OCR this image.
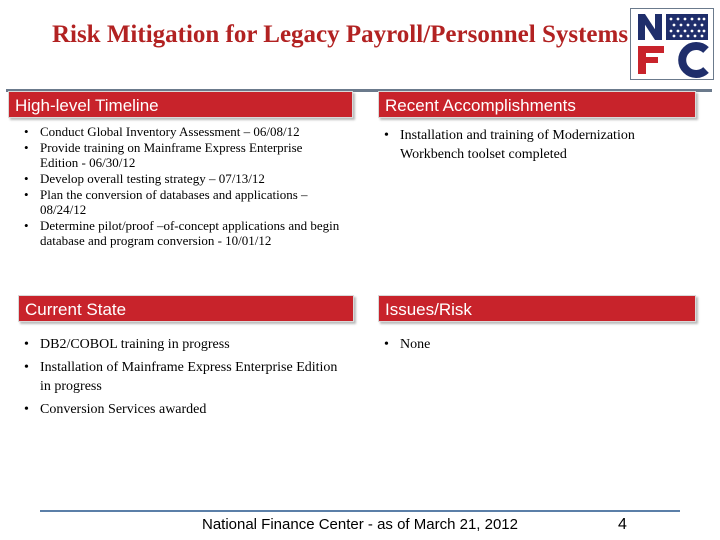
Risk Mitigation for Legacy Payroll/Personnel Systems
High-level Timeline
• Conduct Global Inventory Assessment – 06/08/12
• Provide training on Mainframe Express Enterprise Edition - 06/30/12
• Develop overall testing strategy – 07/13/12
• Plan the conversion of databases and applications – 08/24/12
• Determine pilot/proof –of-concept applications and begin database and program conversion - 10/01/12
Recent Accomplishments
• Installation and training of Modernization Workbench toolset completed
Current State
• DB2/COBOL training in progress
• Installation of Mainframe Express Enterprise Edition in progress
• Conversion Services awarded
Issues/Risk
• None
National Finance Center - as of March 21, 2012	4
